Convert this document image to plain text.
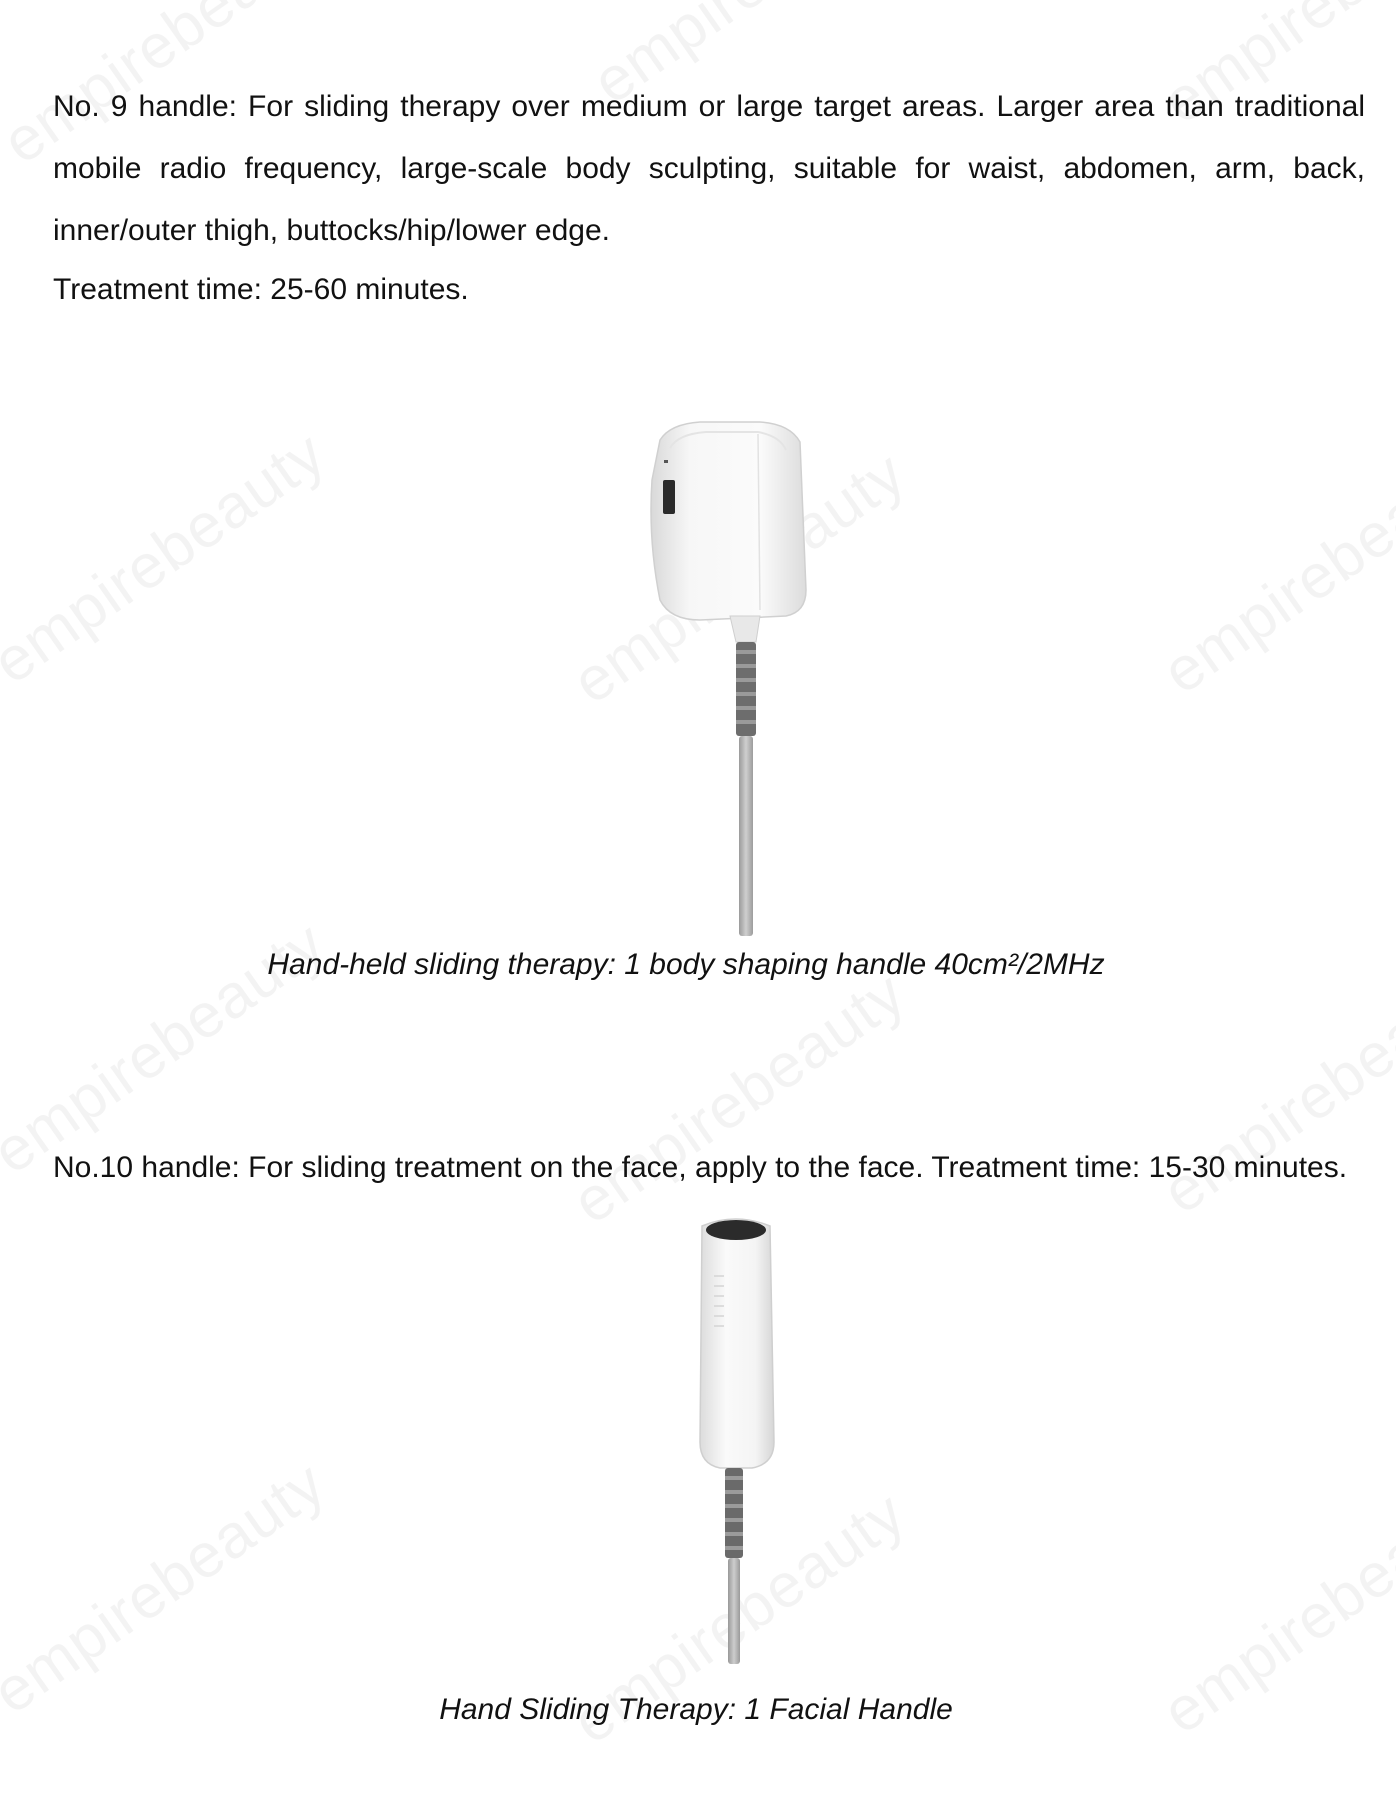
No. 9 handle: For sliding therapy over medium or large target areas. Larger area than traditional mobile radio frequency, large-scale body sculpting, suitable for waist, abdomen, arm, back, inner/outer thigh, buttocks/hip/lower edge.

Treatment time: 25-60 minutes.

Hand-held sliding therapy: 1 body shaping handle 40cm²/2MHz

No.10 handle: For sliding treatment on the face, apply to the face. Treatment time: 15-30 minutes.

Hand Sliding Therapy: 1 Facial Handle
